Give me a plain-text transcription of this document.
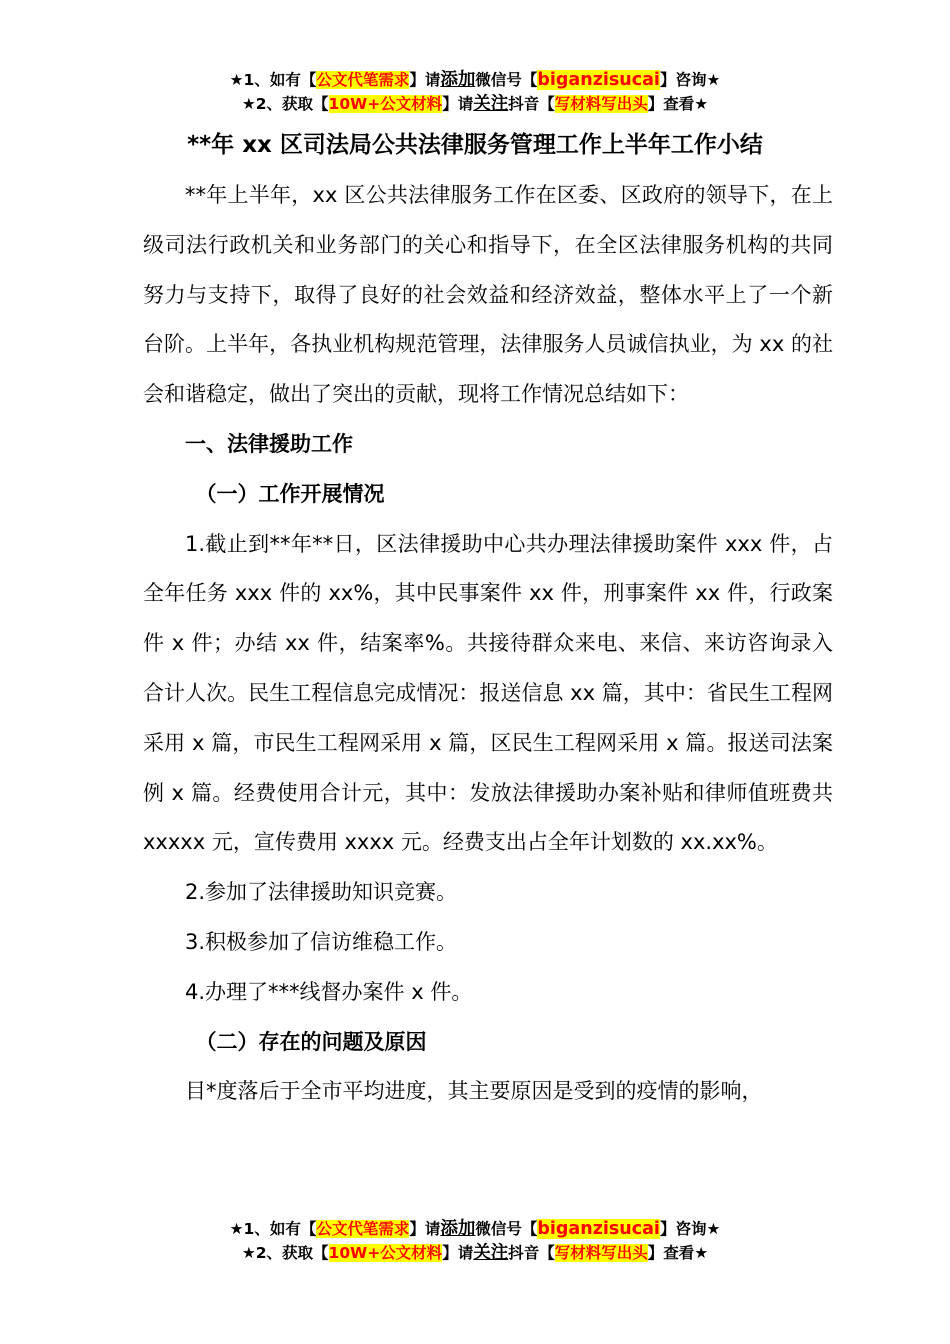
★1、如有【公文代笔需求】请添加微信号【biganzisucai】咨询★
★2、获取【10W+公文材料】请关注抖音【写材料写出头】查看★
**年 xx 区司法局公共法律服务管理工作上半年工作小结

**年上半年，xx 区公共法律服务工作在区委、区政府的领导下，在上级司法行政机关和业务部门的关心和指导下，在全区法律服务机构的共同努力与支持下，取得了良好的社会效益和经济效益，整体水平上了一个新台阶。上半年，各执业机构规范管理，法律服务人员诚信执业，为 xx 的社会和谐稳定，做出了突出的贡献，现将工作情况总结如下：

一、法律援助工作

（一）工作开展情况

1.截止到**年**日，区法律援助中心共办理法律援助案件 xxx 件，占全年任务 xxx 件的 xx%，其中民事案件 xx 件，刑事案件 xx 件，行政案件 x 件；办结 xx 件，结案率%。共接待群众来电、来信、来访咨询录入合计人次。民生工程信息完成情况：报送信息 xx 篇，其中：省民生工程网采用 x 篇，市民生工程网采用 x 篇，区民生工程网采用 x 篇。报送司法案例 x 篇。经费使用合计元，其中：发放法律援助办案补贴和律师值班费共 xxxxx 元，宣传费用 xxxx 元。经费支出占全年计划数的 xx.xx%。

2.参加了法律援助知识竞赛。

3.积极参加了信访维稳工作。

4.办理了***线督办案件 x 件。

（二）存在的问题及原因

目*度落后于全市平均进度，其主要原因是受到的疫情的影响，

★1、如有【公文代笔需求】请添加微信号【biganzisucai】咨询★
★2、获取【10W+公文材料】请关注抖音【写材料写出头】查看★
